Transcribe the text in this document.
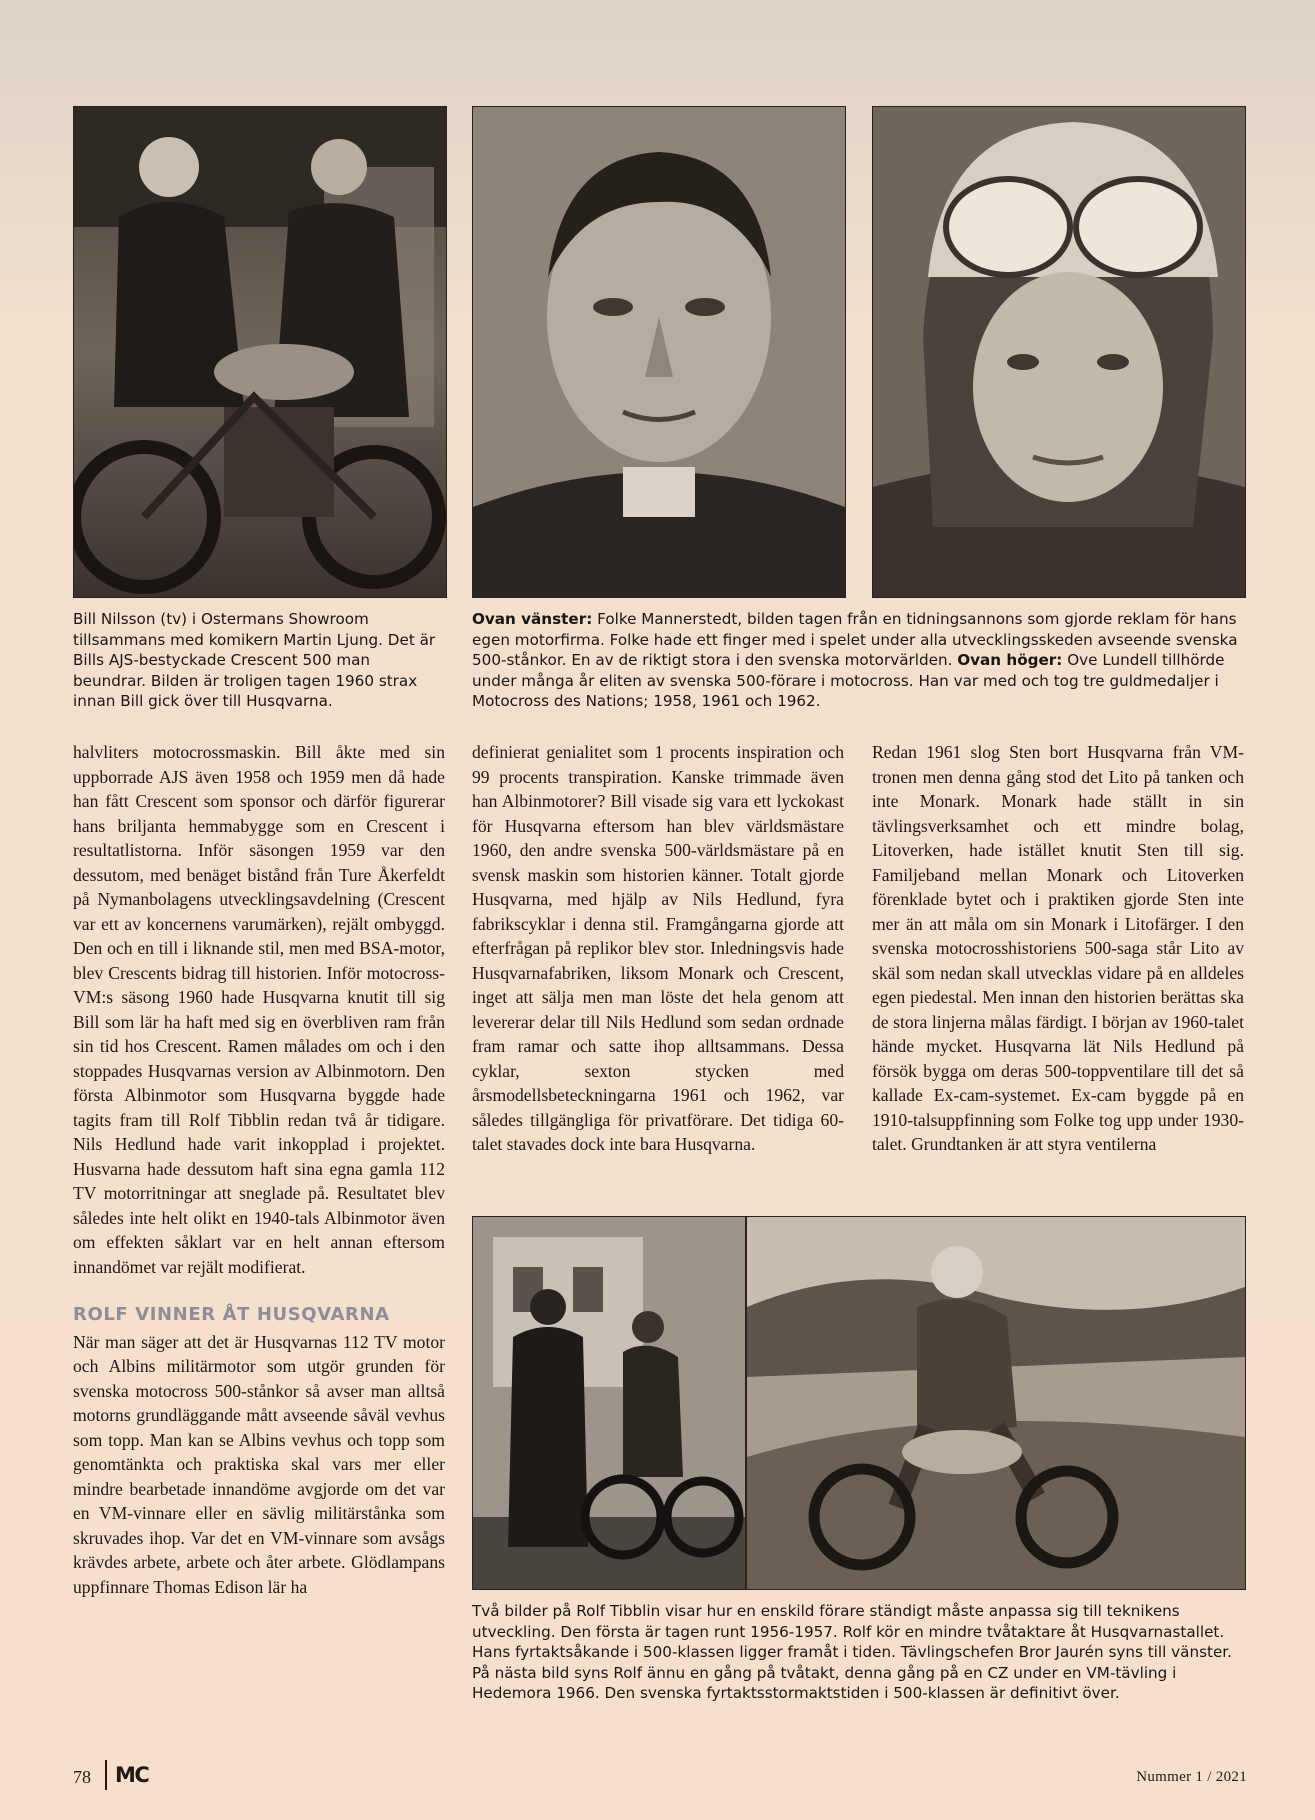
Bill Nilsson (tv) i Ostermans Showroom tillsammans med komikern Martin Ljung. Det är Bills AJS-bestyckade Crescent 500 man beundrar. Bilden är troligen tagen 1960 strax innan Bill gick över till Husqvarna.
Ovan vänster: Folke Mannerstedt, bilden tagen från en tidningsannons som gjorde reklam för hans egen motorfirma. Folke hade ett finger med i spelet under alla utvecklingsskeden avseende svenska 500-stånkor. En av de riktigt stora i den svenska motorvärlden. Ovan höger: Ove Lundell tillhörde under många år eliten av svenska 500-förare i motocross. Han var med och tog tre guldmedaljer i Motocross des Nations; 1958, 1961 och 1962.

halvliters motocrossmaskin. Bill åkte med sin uppborrade AJS även 1958 och 1959 men då hade han fått Crescent som sponsor och därför figurerar hans briljanta hemmabygge som en Crescent i resultatlistorna. Inför säsongen 1959 var den dessutom, med benäget bistånd från Ture Åkerfeldt på Nymanbolagens utvecklingsavdelning (Crescent var ett av koncernens varumärken), rejält ombyggd. Den och en till i liknande stil, men med BSA-motor, blev Crescents bidrag till historien. Inför motocross-VM:s säsong 1960 hade Husqvarna knutit till sig Bill som lär ha haft med sig en överbliven ram från sin tid hos Crescent. Ramen målades om och i den stoppades Husqvarnas version av Albinmotorn. Den första Albinmotor som Husqvarna byggde hade tagits fram till Rolf Tibblin redan två år tidigare. Nils Hedlund hade varit inkopplad i projektet. Husvarna hade dessutom haft sina egna gamla 112 TV motorritningar att sneglade på. Resultatet blev således inte helt olikt en 1940-tals Albinmotor även om effekten såklart var en helt annan eftersom innandömet var rejält modifierat.

ROLF VINNER ÅT HUSQVARNA

När man säger att det är Husqvarnas 112 TV motor och Albins militärmotor som utgör grunden för svenska motocross 500-stånkor så avser man alltså motorns grundläggande mått avseende såväl vevhus som topp. Man kan se Albins vevhus och topp som genomtänkta och praktiska skal vars mer eller mindre bearbetade innandöme avgjorde om det var en VM-vinnare eller en sävlig militärstånka som skruvades ihop. Var det en VM-vinnare som avsågs krävdes arbete, arbete och åter arbete. Glödlampans uppfinnare Thomas Edison lär ha

definierat genialitet som 1 procents inspiration och 99 procents transpiration. Kanske trimmade även han Albinmotorer? Bill visade sig vara ett lyckokast för Husqvarna eftersom han blev världsmästare 1960, den andre svenska 500-världsmästare på en svensk maskin som historien känner. Totalt gjorde Husqvarna, med hjälp av Nils Hedlund, fyra fabrikscyklar i denna stil. Framgångarna gjorde att efterfrågan på replikor blev stor. Inledningsvis hade Husqvarnafabriken, liksom Monark och Crescent, inget att sälja men man löste det hela genom att levererar delar till Nils Hedlund som sedan ordnade fram ramar och satte ihop alltsammans. Dessa cyklar, sexton stycken med årsmodellsbeteckningarna 1961 och 1962, var således tillgängliga för privatförare. Det tidiga 60-talet stavades dock inte bara Husqvarna.

Redan 1961 slog Sten bort Husqvarna från VM-tronen men denna gång stod det Lito på tanken och inte Monark. Monark hade ställt in sin tävlingsverksamhet och ett mindre bolag, Litoverken, hade istället knutit Sten till sig. Familjeband mellan Monark och Litoverken förenklade bytet och i praktiken gjorde Sten inte mer än att måla om sin Monark i Litofärger. I den svenska motocrosshistoriens 500-saga står Lito av skäl som nedan skall utvecklas vidare på en alldeles egen piedestal. Men innan den historien berättas ska de stora linjerna målas färdigt. I början av 1960-talet hände mycket. Husqvarna lät Nils Hedlund på försök bygga om deras 500-toppventilare till det så kallade Ex-cam-systemet. Ex-cam byggde på en 1910-talsuppfinning som Folke tog upp under 1930-talet. Grundtanken är att styra ventilerna

Två bilder på Rolf Tibblin visar hur en enskild förare ständigt måste anpassa sig till teknikens utveckling. Den första är tagen runt 1956-1957. Rolf kör en mindre tvåtaktare åt Husqvarnastallet. Hans fyrtaktsåkande i 500-klassen ligger framåt i tiden. Tävlingschefen Bror Jaurén syns till vänster. På nästa bild syns Rolf ännu en gång på tvåtakt, denna gång på en CZ under en VM-tävling i Hedemora 1966. Den svenska fyrtaktsstormaktstiden i 500-klassen är definitivt över.
78 MC	Nummer 1 / 2021
